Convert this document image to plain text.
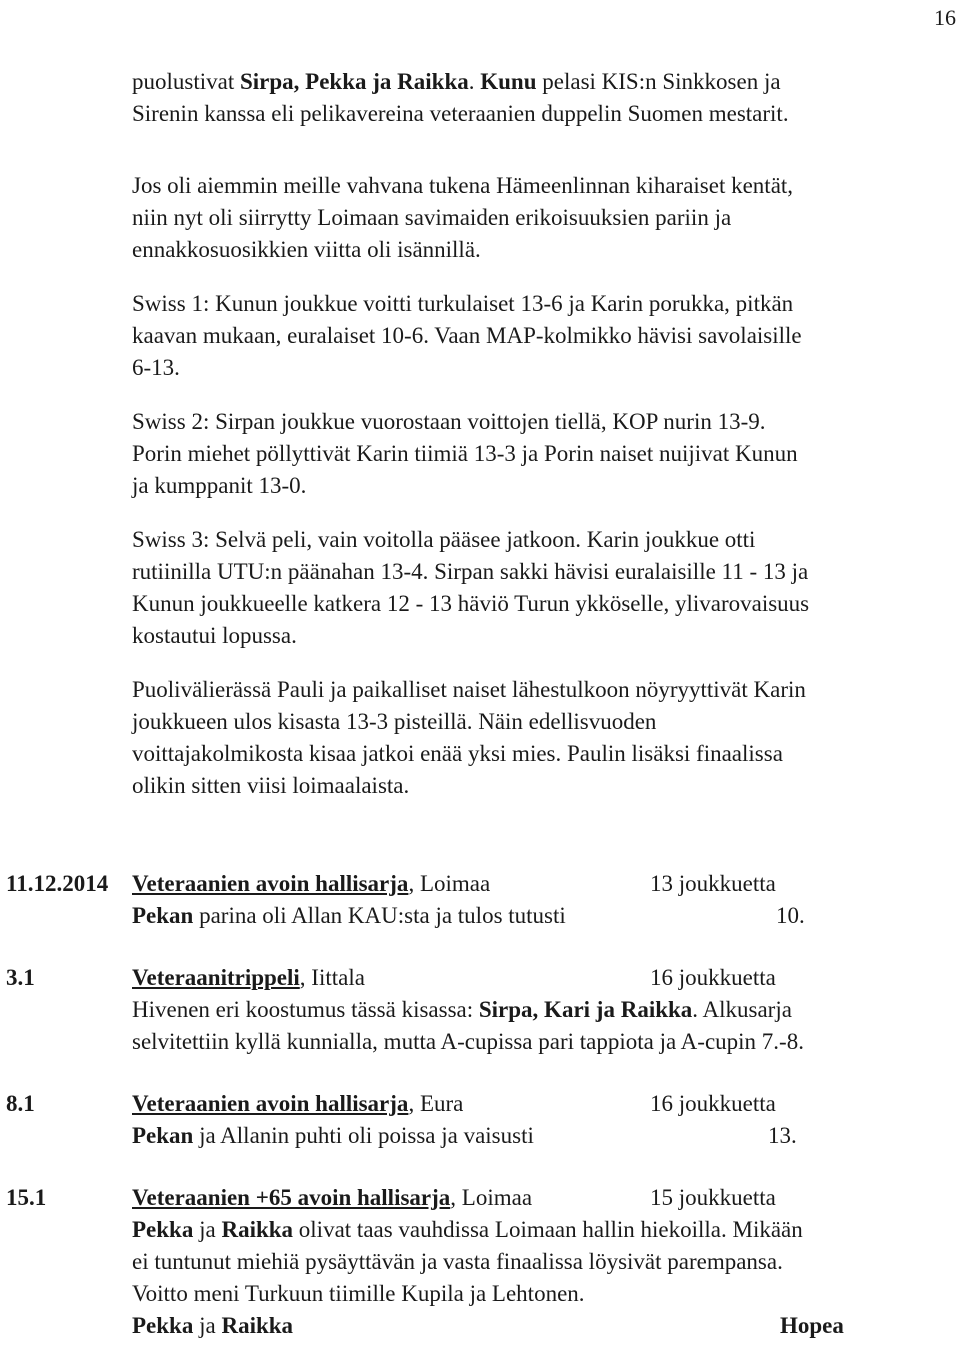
16

puolustivat Sirpa, Pekka ja Raikka. Kunu pelasi KIS:n Sinkkosen ja
Sirenin kanssa eli pelikavereina veteraanien duppelin Suomen mestarit.

Jos oli aiemmin meille vahvana tukena Hämeenlinnan kiharaiset kentät,
niin nyt oli siirrytty Loimaan savimaiden erikoisuuksien pariin ja
ennakkosuosikkien viitta oli isännillä.

Swiss 1: Kunun joukkue voitti turkulaiset 13-6 ja Karin porukka, pitkän
kaavan mukaan, euralaiset 10-6. Vaan MAP-kolmikko hävisi savolaisille
6-13.

Swiss 2: Sirpan joukkue vuorostaan voittojen tiellä, KOP nurin 13-9.
Porin miehet pöllyttivät Karin tiimiä 13-3 ja Porin naiset nuijivat Kunun
ja kumppanit 13-0.

Swiss 3: Selvä peli, vain voitolla pääsee jatkoon. Karin joukkue otti
rutiinilla UTU:n päänahan 13-4. Sirpan sakki hävisi euralaisille 11 - 13 ja
Kunun joukkueelle katkera 12 - 13 häviö Turun ykköselle, ylivarovaisuus
kostautui lopussa.

Puolivälierässä Pauli ja paikalliset naiset lähestulkoon nöyryyttivät Karin
joukkueen ulos kisasta 13-3 pisteillä. Näin edellisvuoden
voittajakolmikosta kisaa jatkoi enää yksi mies. Paulin lisäksi finaalissa
olikin sitten viisi loimaalaista.

11.12.2014 Veteraanien avoin hallisarja, Loimaa	13 joukkuetta
Pekan parina oli Allan KAU:sta ja tulos tutusti	10.
3.1	Veteraanitrippeli, Iittala	16 joukkuetta
Hivenen eri koostumus tässä kisassa: Sirpa, Kari ja Raikka. Alkusarja
selvitettiin kyllä kunnialla, mutta A-cupissa pari tappiota ja A-cupin 7.-8.
8.1	Veteraanien avoin hallisarja, Eura	16 joukkuetta
Pekan ja Allanin puhti oli poissa ja vaisusti	13.
15.1	Veteraanien +65 avoin hallisarja, Loimaa	15 joukkuetta
Pekka ja Raikka olivat taas vauhdissa Loimaan hallin hiekoilla. Mikään
ei tuntunut miehiä pysäyttävän ja vasta finaalissa löysivät parempansa.
Voitto meni Turkuun tiimille Kupila ja Lehtonen.
Pekka ja Raikka	Hopea
